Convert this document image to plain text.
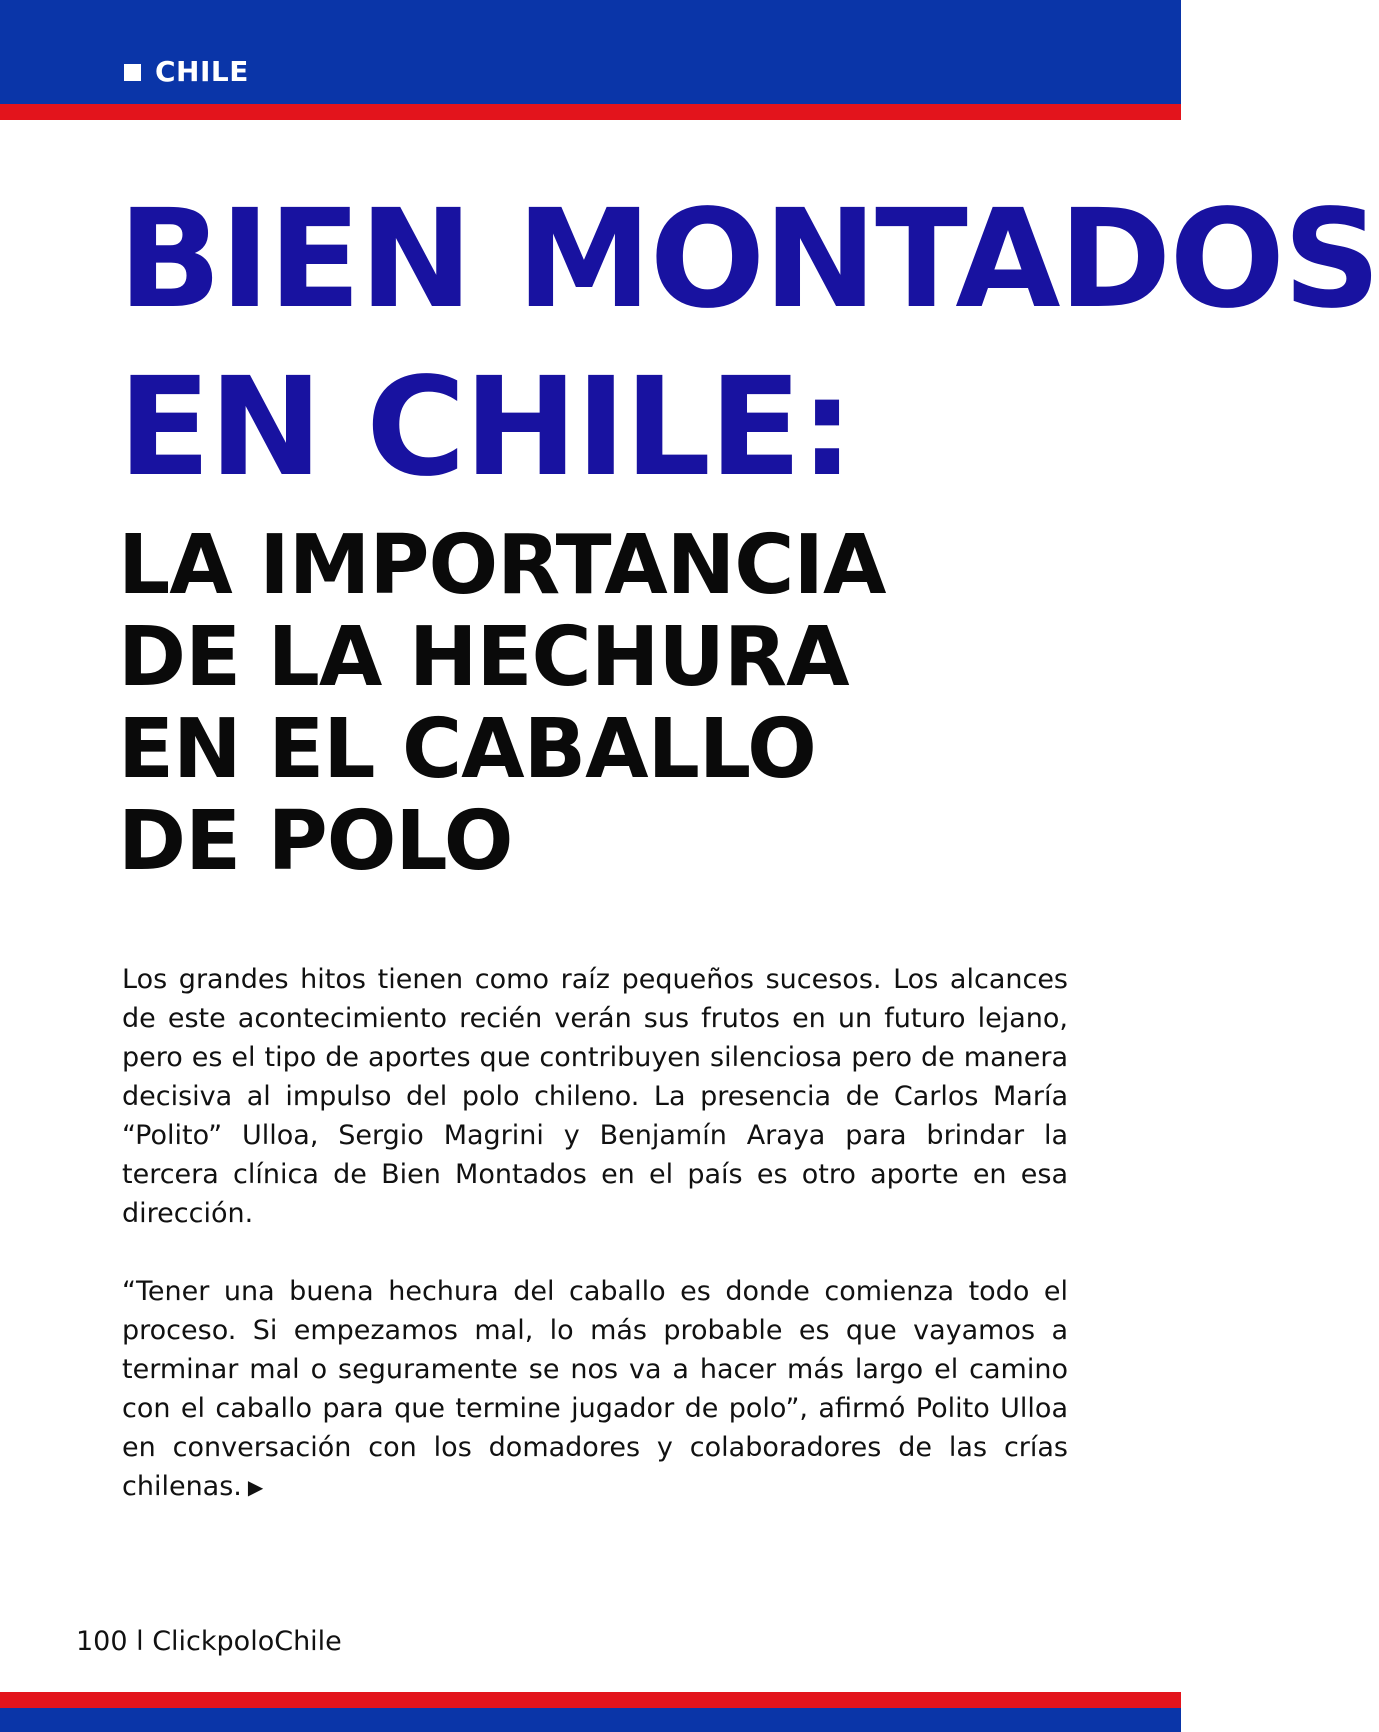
CHILE
BIEN MONTADOS
EN CHILE:
LA IMPORTANCIA
DE LA HECHURA
EN EL CABALLO
DE POLO

Los grandes hitos tienen como raíz pequeños sucesos. Los alcances de este acontecimiento recién verán sus frutos en un futuro lejano, pero es el tipo de aportes que contribuyen silenciosa pero de manera decisiva al impulso del polo chileno. La presencia de Carlos María “Polito” Ulloa, Sergio Magrini y Benjamín Araya para brindar la tercera clínica de Bien Montados en el país es otro aporte en esa dirección.

“Tener una buena hechura del caballo es donde comienza todo el proceso. Si empezamos mal, lo más probable es que vayamos a terminar mal o seguramente se nos va a hacer más largo el camino con el caballo para que termine jugador de polo”, afirmó Polito Ulloa en conversación con los domadores y colaboradores de las crías chilenas. ▶

100 l ClickpoloChile
